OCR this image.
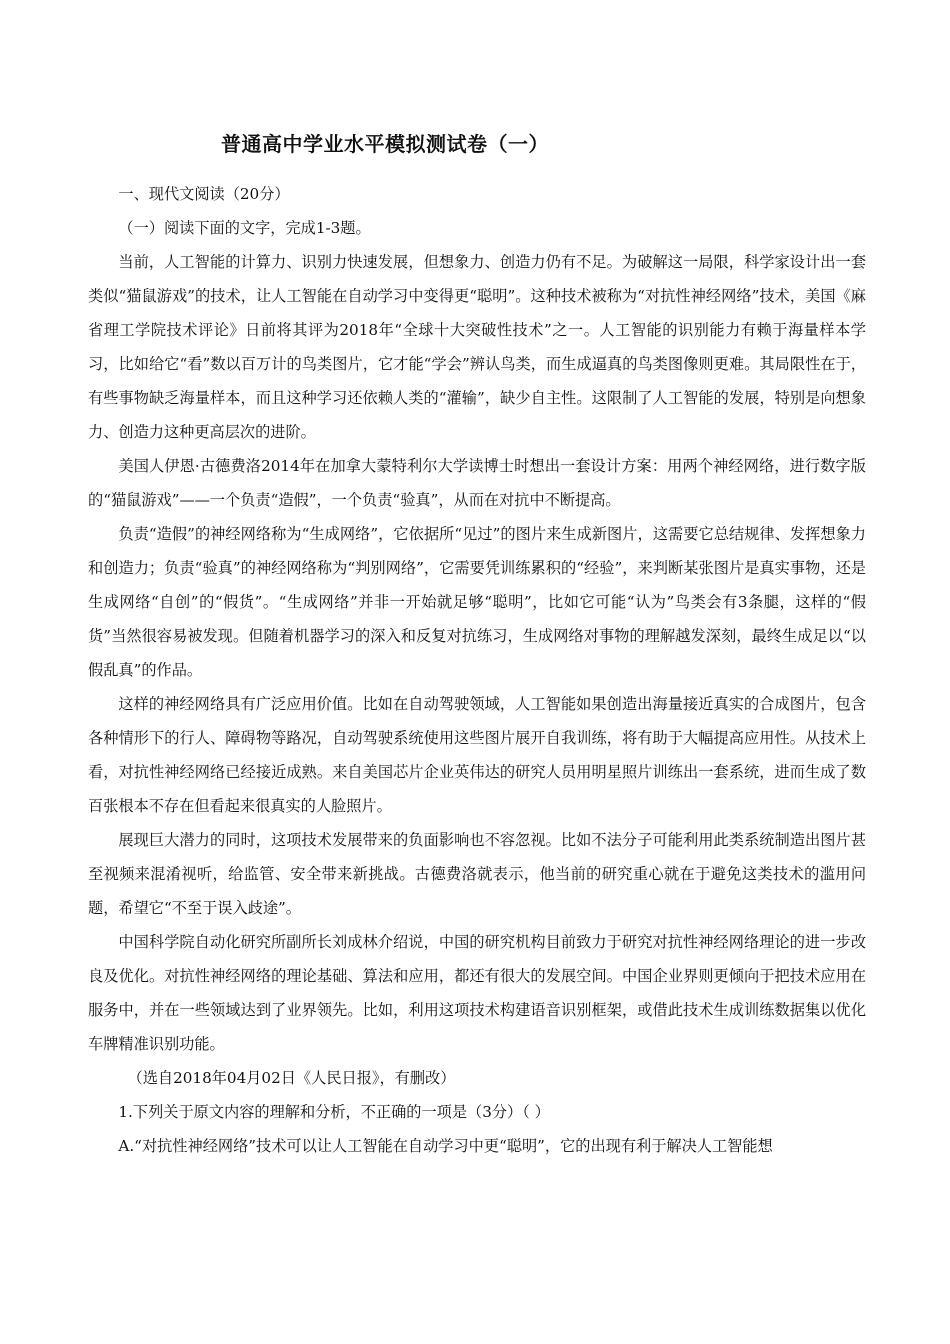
普通高中学业水平模拟测试卷（一）

一、现代文阅读（20分）

（一）阅读下面的文字，完成1-3题。

当前，人工智能的计算力、识别力快速发展，但想象力、创造力仍有不足。为破解这一局限，科学家设计出一套类似“猫鼠游戏”的技术，让人工智能在自动学习中变得更“聪明”。这种技术被称为“对抗性神经网络”技术，美国《麻省理工学院技术评论》日前将其评为2018年“全球十大突破性技术”之一。人工智能的识别能力有赖于海量样本学习，比如给它“看”数以百万计的鸟类图片，它才能“学会”辨认鸟类，而生成逼真的鸟类图像则更难。其局限性在于，有些事物缺乏海量样本，而且这种学习还依赖人类的“灌输”，缺少自主性。这限制了人工智能的发展，特别是向想象力、创造力这种更高层次的进阶。

美国人伊恩·古德费洛2014年在加拿大蒙特利尔大学读博士时想出一套设计方案：用两个神经网络，进行数字版的“猫鼠游戏”——一个负责“造假”，一个负责“验真”，从而在对抗中不断提高。

负责“造假”的神经网络称为“生成网络”，它依据所“见过”的图片来生成新图片，这需要它总结规律、发挥想象力和创造力；负责“验真”的神经网络称为“判别网络”，它需要凭训练累积的“经验”，来判断某张图片是真实事物，还是生成网络“自创”的“假货”。“生成网络”并非一开始就足够“聪明”，比如它可能“认为”鸟类会有3条腿，这样的“假货”当然很容易被发现。但随着机器学习的深入和反复对抗练习，生成网络对事物的理解越发深刻，最终生成足以“以假乱真”的作品。

这样的神经网络具有广泛应用价值。比如在自动驾驶领域，人工智能如果创造出海量接近真实的合成图片，包含各种情形下的行人、障碍物等路况，自动驾驶系统使用这些图片展开自我训练，将有助于大幅提高应用性。从技术上看，对抗性神经网络已经接近成熟。来自美国芯片企业英伟达的研究人员用明星照片训练出一套系统，进而生成了数百张根本不存在但看起来很真实的人脸照片。

展现巨大潜力的同时，这项技术发展带来的负面影响也不容忽视。比如不法分子可能利用此类系统制造出图片甚至视频来混淆视听，给监管、安全带来新挑战。古德费洛就表示，他当前的研究重心就在于避免这类技术的滥用问题，希望它“不至于误入歧途”。

中国科学院自动化研究所副所长刘成林介绍说，中国的研究机构目前致力于研究对抗性神经网络理论的进一步改良及优化。对抗性神经网络的理论基础、算法和应用，都还有很大的发展空间。中国企业界则更倾向于把技术应用在服务中，并在一些领域达到了业界领先。比如，利用这项技术构建语音识别框架，或借此技术生成训练数据集以优化车牌精准识别功能。

（选自2018年04月02日《人民日报》，有删改）

1.下列关于原文内容的理解和分析，不正确的一项是（3分）（ ）

A.“对抗性神经网络”技术可以让人工智能在自动学习中更“聪明”，它的出现有利于解决人工智能想
